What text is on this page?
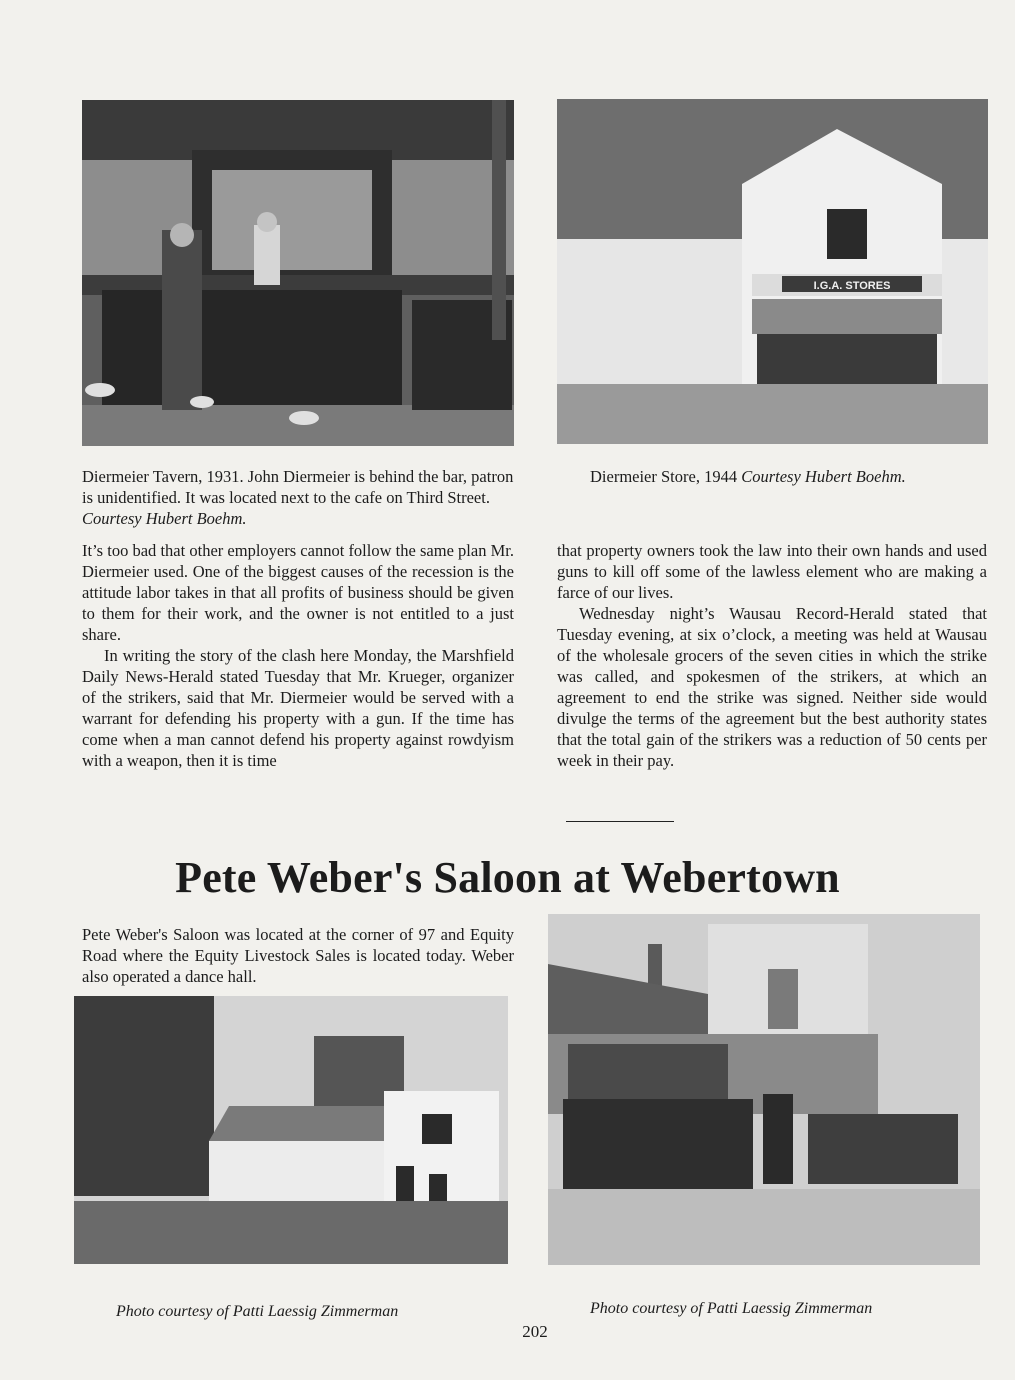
I.G.A. STORES

Diermeier Tavern, 1931. John Diermeier is behind the bar, patron is unidentified. It was located next to the cafe on Third Street. Courtesy Hubert Boehm.

Diermeier Store, 1944 Courtesy Hubert Boehm.

It’s too bad that other employers cannot follow the same plan Mr. Diermeier used. One of the biggest causes of the recession is the attitude labor takes in that all profits of business should be given to them for their work, and the owner is not entitled to a just share.

In writing the story of the clash here Monday, the Marshfield Daily News-Herald stated Tuesday that Mr. Krueger, organizer of the strikers, said that Mr. Diermeier would be served with a warrant for defending his property with a gun. If the time has come when a man cannot defend his property against rowdyism with a weapon, then it is time

that property owners took the law into their own hands and used guns to kill off some of the lawless element who are making a farce of our lives.

Wednesday night’s Wausau Record-Herald stated that Tuesday evening, at six o’clock, a meeting was held at Wausau of the wholesale grocers of the seven cities in which the strike was called, and spokesmen of the strikers, at which an agreement to end the strike was signed. Neither side would divulge the terms of the agreement but the best authority states that the total gain of the strikers was a reduction of 50 cents per week in their pay.

Pete Weber's Saloon at Webertown

Pete Weber's Saloon was located at the corner of 97 and Equity Road where the Equity Livestock Sales is located today. Weber also operated a dance hall.

Photo courtesy of Patti Laessig Zimmerman	Photo courtesy of Patti Laessig Zimmerman

202
